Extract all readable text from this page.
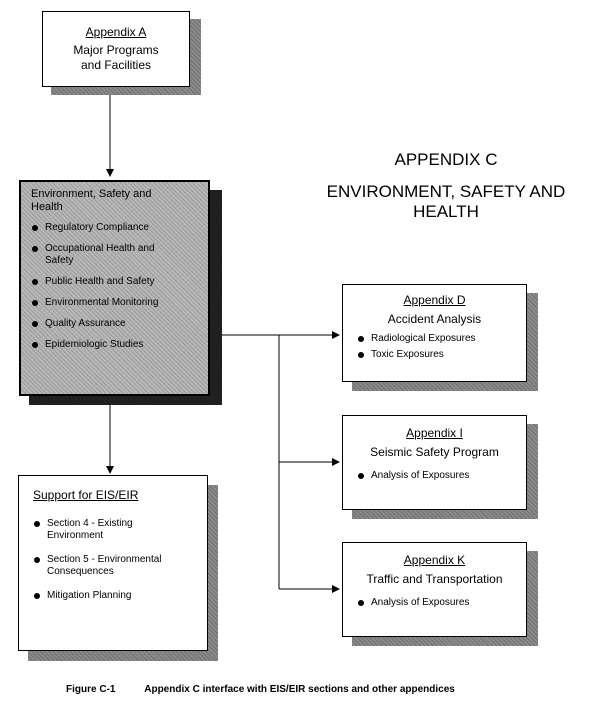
Appendix A
Major Programs
and Facilities
APPENDIX C
ENVIRONMENT, SAFETY AND
HEALTH
Environment, Safety and Health
Regulatory Compliance
Occupational Health and Safety
Public Health and Safety
Environmental Monitoring
Quality Assurance
Epidemiologic Studies
Support for EIS/EIR
Section 4 - Existing Environment
Section 5 - Environmental Consequences
Mitigation Planning
Appendix D
Accident Analysis
Radiological Exposures
Toxic Exposures
Appendix I
Seismic Safety Program
Analysis of Exposures
Appendix K
Traffic and Transportation
Analysis of Exposures
Figure C-1	Appendix C interface with EIS/EIR sections and other appendices
